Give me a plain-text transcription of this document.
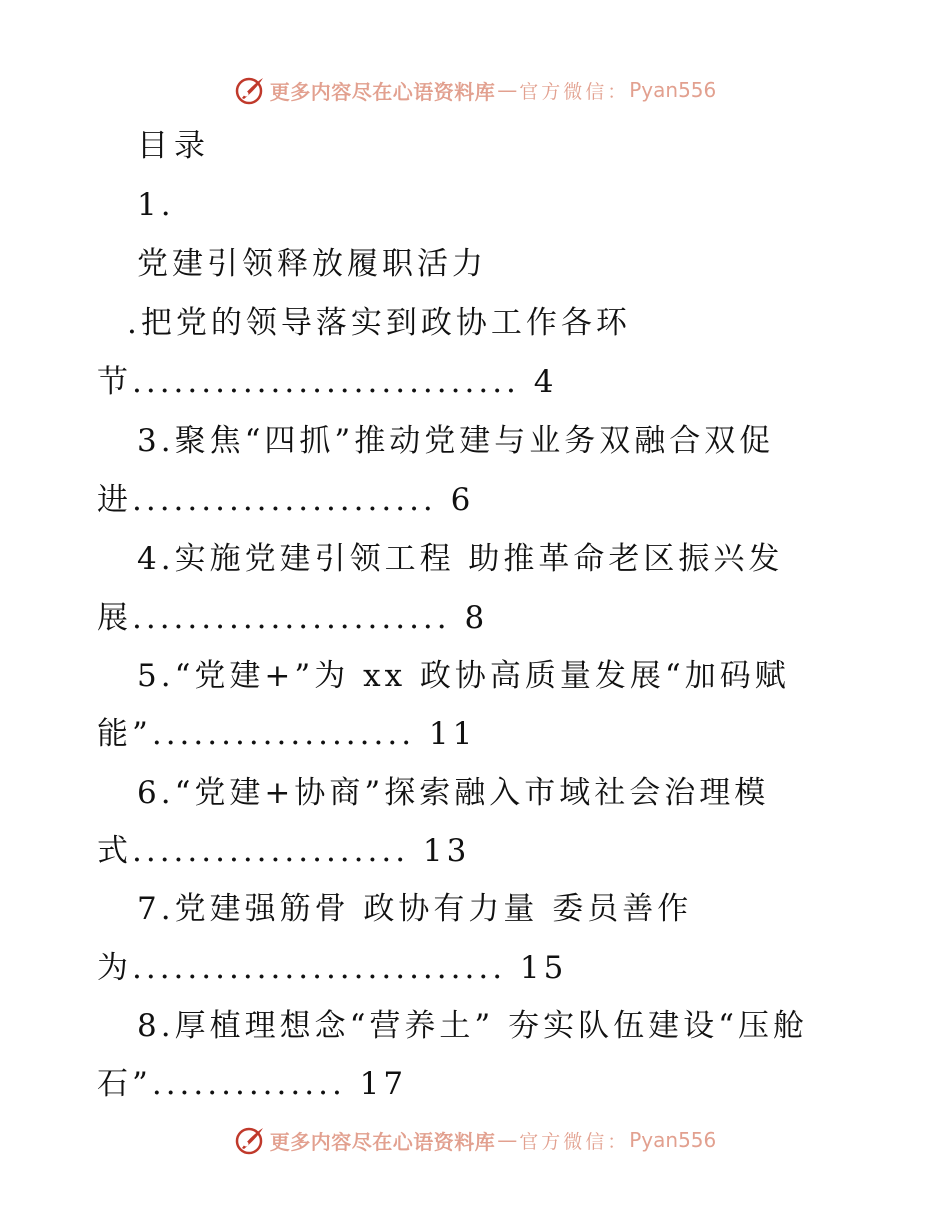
更多内容尽在心语资料库 — 官方微信： Pyan556
目录
1.
党建引领释放履职活力
.把党的领导落实到政协工作各环
节............................ 4
3.聚焦“四抓”推动党建与业务双融合双促
进...................... 6
4.实施党建引领工程 助推革命老区振兴发
展....................... 8
5.“党建+”为 xx 政协高质量发展“加码赋
能”................... 11
6.“党建+协商”探索融入市域社会治理模
式.................... 13
7.党建强筋骨 政协有力量 委员善作
为........................... 15
8.厚植理想念“营养土” 夯实队伍建设“压舱
石”.............. 17
更多内容尽在心语资料库 — 官方微信： Pyan556
